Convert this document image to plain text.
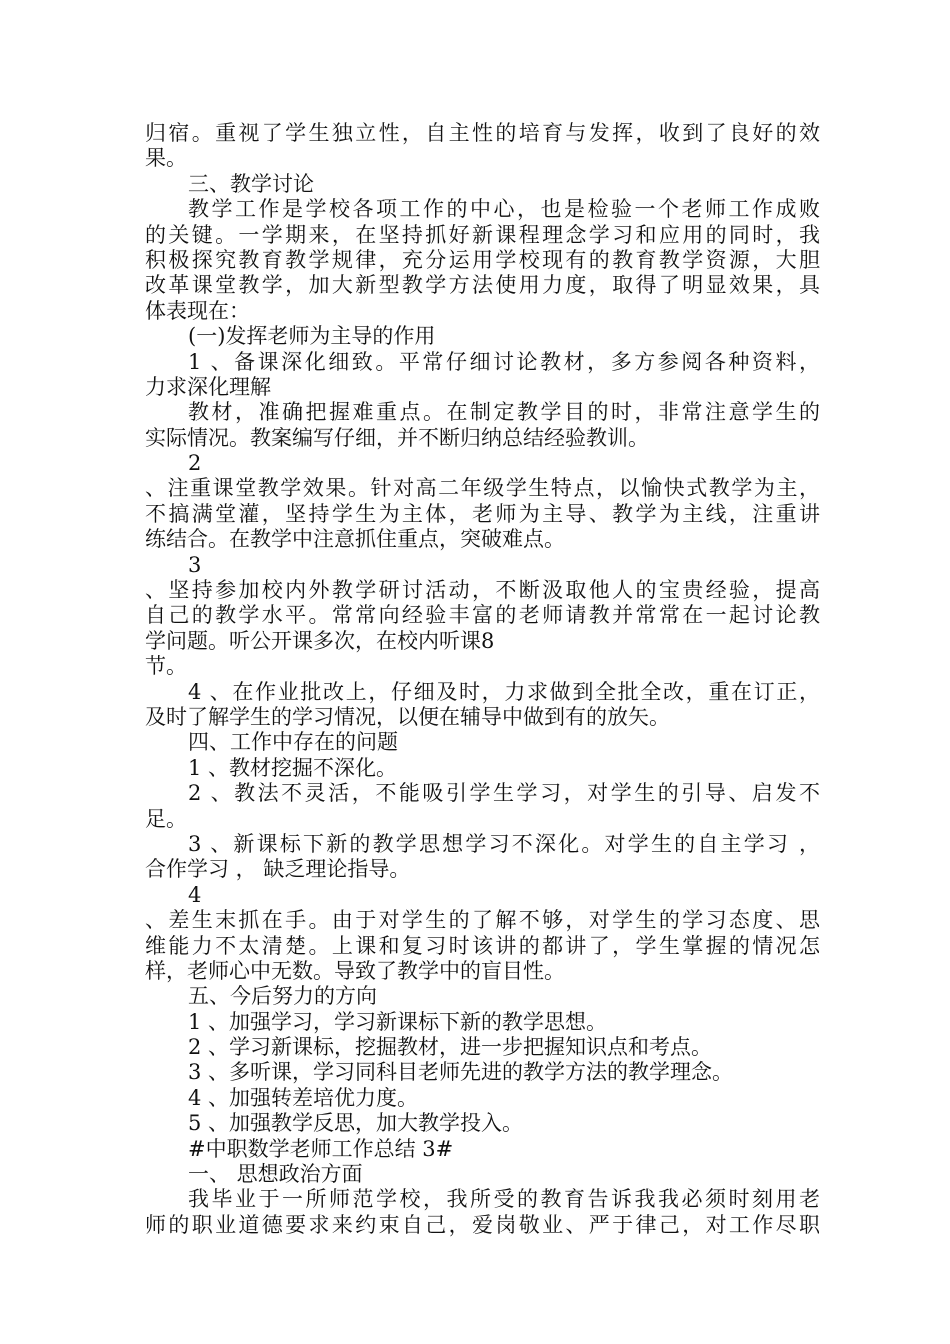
归宿。重视了学生独立性，自主性的培育与发挥，收到了良好的效
果。
三、教学讨论
教学工作是学校各项工作的中心，也是检验一个老师工作成败
的关键。一学期来，在坚持抓好新课程理念学习和应用的同时，我
积极探究教育教学规律，充分运用学校现有的教育教学资源，大胆
改革课堂教学，加大新型教学方法使用力度，取得了明显效果，具
体表现在：
(一)发挥老师为主导的作用
1 、备课深化细致。平常仔细讨论教材，多方参阅各种资料，
力求深化理解
教材，准确把握难重点。在制定教学目的时，非常注意学生的
实际情况。教案编写仔细，并不断归纳总结经验教训。
2
、注重课堂教学效果。针对高二年级学生特点，以愉快式教学为主，
不搞满堂灌，坚持学生为主体，老师为主导、教学为主线，注重讲
练结合。在教学中注意抓住重点，突破难点。
3
、坚持参加校内外教学研讨活动，不断汲取他人的宝贵经验，提高
自己的教学水平。常常向经验丰富的老师请教并常常在一起讨论教
学问题。听公开课多次，在校内听课8
节。
4 、在作业批改上，仔细及时，力求做到全批全改，重在订正，
及时了解学生的学习情况，以便在辅导中做到有的放矢。
四、工作中存在的问题
1 、教材挖掘不深化。
2 、教法不灵活，不能吸引学生学习，对学生的引导、启发不
足。
3 、新课标下新的教学思想学习不深化。对学生的自主学习 ，
合作学习 ， 缺乏理论指导。
4
、差生末抓在手。由于对学生的了解不够，对学生的学习态度、思
维能力不太清楚。上课和复习时该讲的都讲了，学生掌握的情况怎
样，老师心中无数。导致了教学中的盲目性。
五、今后努力的方向
1 、加强学习，学习新课标下新的教学思想。
2 、学习新课标，挖掘教材，进一步把握知识点和考点。
3 、多听课，学习同科目老师先进的教学方法的教学理念。
4 、加强转差培优力度。
5 、加强教学反思，加大教学投入。
#中职数学老师工作总结 3#
一、 思想政治方面
我毕业于一所师范学校，我所受的教育告诉我我必须时刻用老
师的职业道德要求来约束自己，爱岗敬业、严于律己，对工作尽职
